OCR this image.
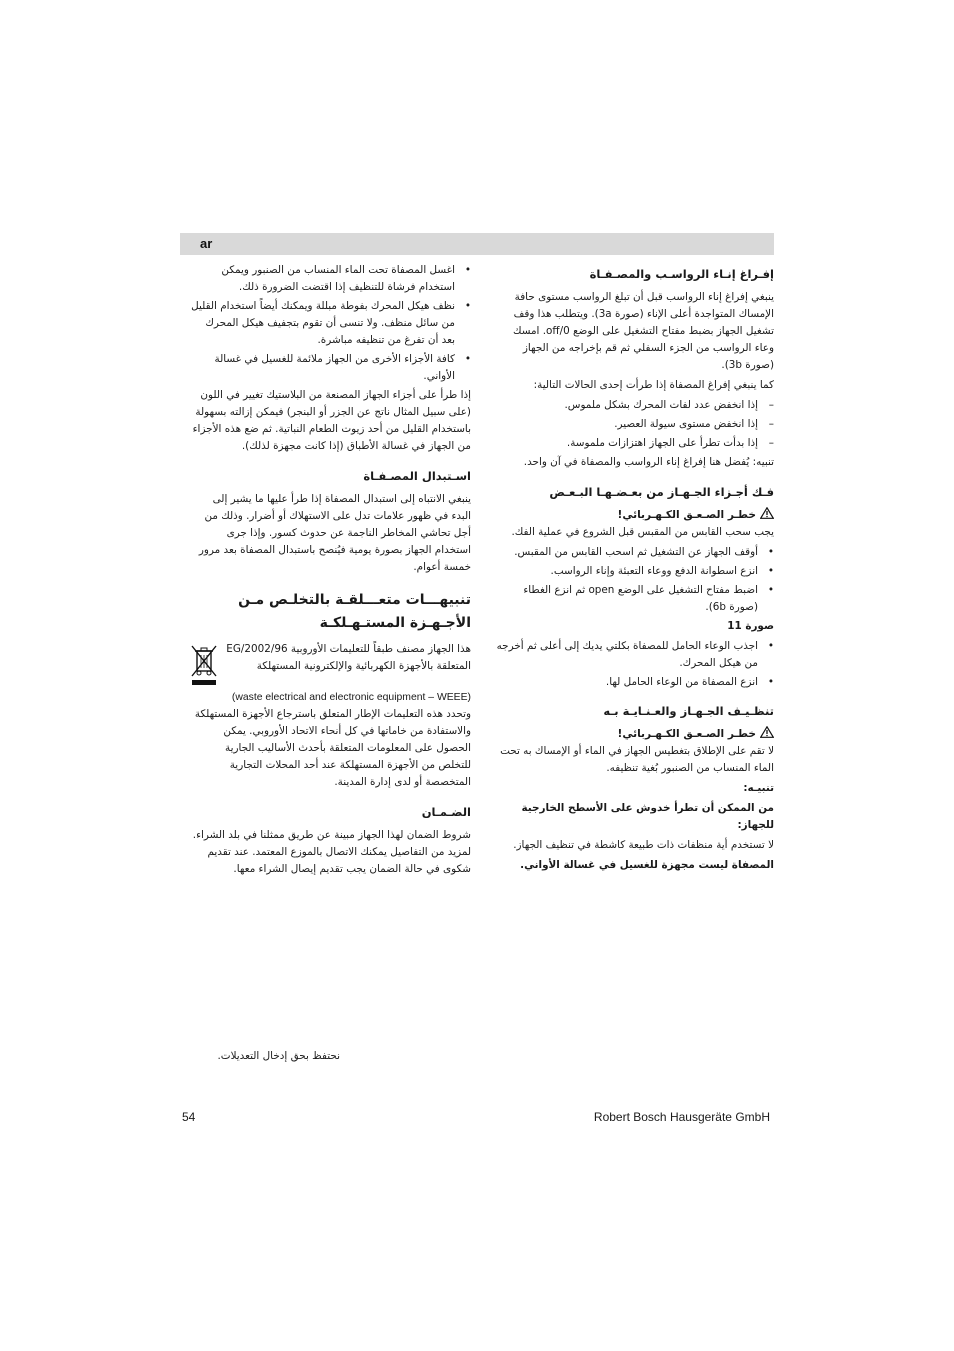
ar
إفـراغ إنـاء الرواسـب والمصـفـاة
ينبغي إفراغ إناء الرواسب قبل أن تبلغ الرواسب مستوى حافة الإمساك المتواجدة أعلى الإناء (صورة 3a). ويتطلب هذا وقف تشغيل الجهاز بضبط مفتاح التشغيل على الوضع off/0. امسك وعاء الرواسب من الجزء السفلي ثم قم بإخراجه من الجهاز (صورة 3b).
كما ينبغي إفراغ المصفاة إذا طرأت إحدى الحالات التالية:
– إذا انخفض عدد لفات المحرك بشكل ملموس.
– إذا انخفض مستوى سيولة العصير.
– إذا بدأت تطرأ على الجهاز اهتزازات ملموسة.
تنبيه: يُفضل هنا إفراغ إناء الرواسب والمصفاة في آن واحد.
فـك أجـزاء الجـهـاز من بعـضـهـا البـعـض
خطـر الصـعـق الكـهـربائي!
يجب سحب القابس من المقبس قبل الشروع في عملية الفك.
• أوقف الجهاز عن التشغيل ثم اسحب القابس من المقبس.
• انزع اسطوانة الدفع ووعاء التعبئة وإناء الرواسب.
• اضبط مفتاح التشغيل على الوضع open ثم انزع الغطاء (صورة 6b).
صورة 11
• اجذب الوعاء الحامل للمصفاة بكلتي يديك إلى أعلى ثم أخرجه من هيكل المحرك.
• انزع المصفاة من الوعاء الحامل لها.
تنظـيـف الجـهـاز والعـنـايـة بـه
خطـر الصـعـق الكـهـربائي!
لا تقم على الإطلاق بتغطيس الجهاز في الماء أو الإمساك به تحت الماء المنساب من الصنبور بُغية تنظيفه.
تنبيـه:
من الممكن أن تطرأ خدوش على الأسطح الخارجية للجهاز:
لا تستخدم أية منظفات ذات طبيعة كاشطة في تنظيف الجهاز.
المصفاة ليست مجهزة للغسيل في غسالة الأواني.
• اغسل المصفاة تحت الماء المنساب من الصنبور ويمكن استخدام فرشاة للتنظيف إذا اقتضت الضرورة ذلك.
• نظف هيكل المحرك بفوطة مبللة ويمكنك أيضاً استخدام القليل من سائل منظف. ولا تنسى أن تقوم بتجفيف هيكل المحرك بعد أن تفرغ من تنظيفه مباشرة.
• كافة الأجزاء الأخرى من الجهاز ملائمة للغسيل في غسالة الأواني.
إذا طرأ على أجزاء الجهاز المصنعة من البلاستيك تغيير في اللون (على سبيل المثال ناتج عن الجزر أو البنجر) فيمكن إزالته بسهولة باستخدام القليل من أحد زيوت الطعام النباتية. ثم ضع هذه الأجزاء من الجهاز في غسالة الأطباق (إذا كانت مجهزة لذلك).
اسـتبدال المصـفـاة
ينبغي الانتباه إلى استبدال المصفاة إذا طرأ عليها ما يشير إلى البدء في ظهور علامات تدل على الاستهلاك أو أضرار. وذلك من أجل تحاشي المخاطر الناجمة عن حدوث كسور. وإذا جرى استخدام الجهاز بصورة يومية فيُنصح باستبدال المصفاة بعد مرور خمسة أعوام.
تنبيهـــات متعـــلقـة بالتخلـص مـن الأجـهـزة المستـهـلكـة
هذا الجهاز مصنف طبقاً للتعليمات الأوروبية 2002/96/EG المتعلقة بالأجهزة الكهربائية والإلكترونية المستهلكة
(waste electrical and electronic equipment – WEEE)
وتحدد هذه التعليمات الإطار المتعلق باسترجاع الأجهزة المستهلكة والاستفادة من خاماتها في كل أنحاء الاتحاد الأوروبي. يمكن الحصول على المعلومات المتعلقة بأحدث الأساليب الجارية للتخلص من الأجهزة المستهلكة عند أحد المحلات التجارية المتخصصة أو لدى إدارة المدينة.
الضـمـان
شروط الضمان لهذا الجهاز مبينة عن طريق ممثلنا في بلد الشراء. لمزيد من التفاصيل يمكنك الاتصال بالموزع المعتمد. عند تقديم شكوى في حالة الضمان يجب تقديم إيصال الشراء معها.
نحتفظ بحق إدخال التعديلات.
54	Robert Bosch Hausgeräte GmbH
